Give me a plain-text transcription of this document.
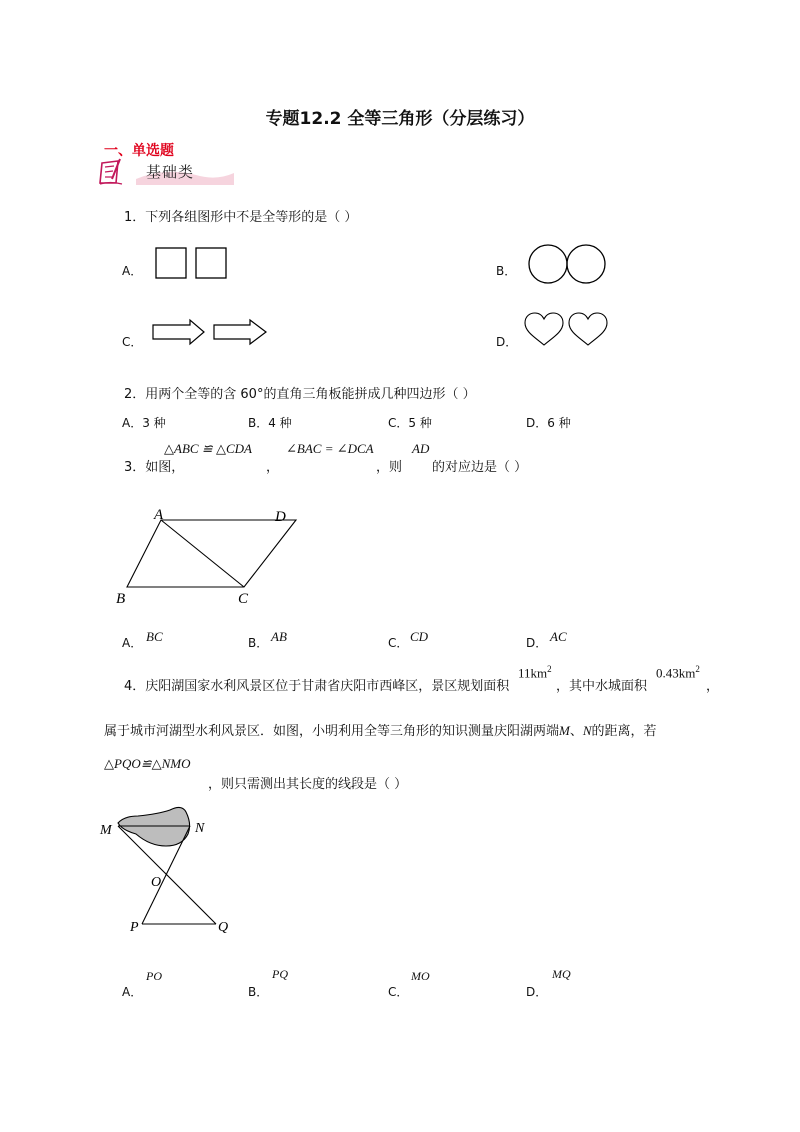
专题12.2 全等三角形（分层练习）
一、单选题
基础类
1．下列各组图形中不是全等形的是（ ）
A．	B．
C．	D．
2．用两个全等的含 60°的直角三角板能拼成几种四边形（ ）
A．3 种	B．4 种	C．5 种	D．6 种
3．如图，
△ABC ≌ △CDA
，
∠BAC = ∠DCA
，则
AD
的对应边是（ ）
A	D
B	C
A． BC	B． AB	C． CD	D． AC
4．庆阳湖国家水利风景区位于甘肃省庆阳市西峰区，景区规划面积
$11km^2$
，其中水城面积
$0.43km^2$
，
属于城市河湖型水利风景区．如图，小明利用全等三角形的知识测量庆阳湖两端M、N的距离，若
△PQO≌△NMO
，则只需测出其长度的线段是（ ）
M	N
O
P	Q
A．
PO
B．
PQ
C．
MO
D．
MQ
